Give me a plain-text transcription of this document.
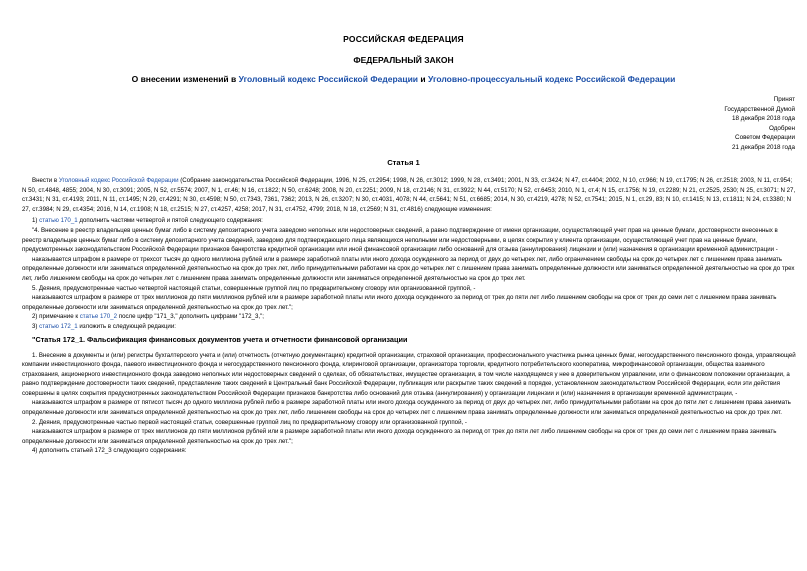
РОССИЙСКАЯ ФЕДЕРАЦИЯ
ФЕДЕРАЛЬНЫЙ ЗАКОН
О внесении изменений в Уголовный кодекс Российской Федерации и Уголовно-процессуальный кодекс Российской Федерации
Принят
Государственной Думой
18 декабря 2018 года
Одобрен
Советом Федерации
21 декабря 2018 года
Статья 1

Внести в Уголовный кодекс Российской Федерации (Собрание законодательства Российской Федерации, 1996, N 25, ст.2954; 1998, N 26, ст.3012; 1999, N 28, ст.3491; 2001, N 33, ст.3424; N 47, ст.4404; 2002, N 10, ст.966; N 19, ст.1795; N 26, ст.2518; 2003, N 11, ст.954; N 50, ст.4848, 4855; 2004, N 30, ст.3091; 2005, N 52, ст.5574; 2007, N 1, ст.46; N 16, ст.1822; N 50, ст.6248; 2008, N 20, ст.2251; 2009, N 18, ст.2146; N 31, ст.3922; N 44, ст.5170; N 52, ст.6453; 2010, N 1, ст.4; N 15, ст.1756; N 19, ст.2289; N 21, ст.2525, 2530; N 25, ст.3071; N 27, ст.3431; N 31, ст.4193; 2011, N 11, ст.1495; N 29, ст.4291; N 30, ст.4598; N 50, ст.7343, 7361, 7362; 2013, N 26, ст.3207; N 30, ст.4031, 4078; N 44, ст.5641; N 51, ст.6685; 2014, N 30, ст.4219, 4278; N 52, ст.7541; 2015, N 1, ст.29, 83; N 10, ст.1415; N 13, ст.1811; N 24, ст.3380; N 27, ст.3984; N 29, ст.4354; 2016, N 14, ст.1908; N 18, ст.2515; N 27, ст.4257, 4258; 2017, N 31, ст.4752, 4799; 2018, N 18, ст.2569; N 31, ст.4816) следующие изменения:

1) статью 170_1 дополнить частями четвертой и пятой следующего содержания:

"4. Внесение в реестр владельцев ценных бумаг либо в систему депозитарного учета заведомо неполных или недостоверных сведений, а равно подтверждение от имени организации, осуществляющей учет прав на ценные бумаги, достоверности внесенных в реестр владельцев ценных бумаг либо в систему депозитарного учета сведений, заведомо для подтверждающего лица являющихся неполными или недостоверными, в целях сокрытия у клиента организации, осуществляющей учет прав на ценные бумаги, предусмотренных законодательством Российской Федерации признаков банкротства кредитной организации или иной финансовой организации либо оснований для отзыва (аннулирования) лицензии и (или) назначения в организации временной администрации -

наказывается штрафом в размере от трехсот тысяч до одного миллиона рублей или в размере заработной платы или иного дохода осужденного за период от двух до четырех лет, либо ограничением свободы на срок до четырех лет с лишением права занимать определенные должности или заниматься определенной деятельностью на срок до трех лет, либо принудительными работами на срок до четырех лет с лишением права занимать определенные должности или заниматься определенной деятельностью на срок до трех лет, либо лишением свободы на срок до четырех лет с лишением права занимать определенные должности или заниматься определенной деятельностью на срок до трех лет.

5. Деяния, предусмотренные частью четвертой настоящей статьи, совершенные группой лиц по предварительному сговору или организованной группой, -

наказываются штрафом в размере от трех миллионов до пяти миллионов рублей или в размере заработной платы или иного дохода осужденного за период от трех до пяти лет либо лишением свободы на срок от трех до семи лет с лишением права занимать определенные должности или заниматься определенной деятельностью на срок до трех лет.";

2) примечание к статье 170_2 после цифр "171_3," дополнить цифрами "172_3,";

3) статью 172_1 изложить в следующей редакции:

"Статья 172_1. Фальсификация финансовых документов учета и отчетности финансовой организации

1. Внесение в документы и (или) регистры бухгалтерского учета и (или) отчетность (отчетную документацию) кредитной организации, страховой организации, профессионального участника рынка ценных бумаг, негосударственного пенсионного фонда, управляющей компании инвестиционного фонда, паевого инвестиционного фонда и негосударственного пенсионного фонда, клиринговой организации, организатора торговли, кредитного потребительского кооператива, микрофинансовой организации, общества взаимного страхования, акционерного инвестиционного фонда заведомо неполных или недостоверных сведений о сделках, об обязательствах, имуществе организации, в том числе находящемся у нее в доверительном управлении, или о финансовом положении организации, а равно подтверждение достоверности таких сведений, представление таких сведений в Центральный банк Российской Федерации, публикация или раскрытие таких сведений в порядке, установленном законодательством Российской Федерации, если эти действия совершены в целях сокрытия предусмотренных законодательством Российской Федерации признаков банкротства либо оснований для отзыва (аннулирования) у организации лицензии и (или) назначения в организации временной администрации, -

наказываются штрафом в размере от пятисот тысяч до одного миллиона рублей либо в размере заработной платы или иного дохода осужденного за период от двух до четырех лет, либо принудительными работами на срок до пяти лет с лишением права занимать определенные должности или заниматься определенной деятельностью на срок до трех лет, либо лишением свободы на срок до четырех лет с лишением права занимать определенные должности или заниматься определенной деятельностью на срок до трех лет.

2. Деяния, предусмотренные частью первой настоящей статьи, совершенные группой лиц по предварительному сговору или организованной группой, -

наказываются штрафом в размере от трех миллионов до пяти миллионов рублей или в размере заработной платы или иного дохода осужденного за период от трех до пяти лет либо лишением свободы на срок от трех до семи лет с лишением права занимать определенные должности или заниматься определенной деятельностью на срок до трех лет.";

4) дополнить статьей 172_3 следующего содержания:
